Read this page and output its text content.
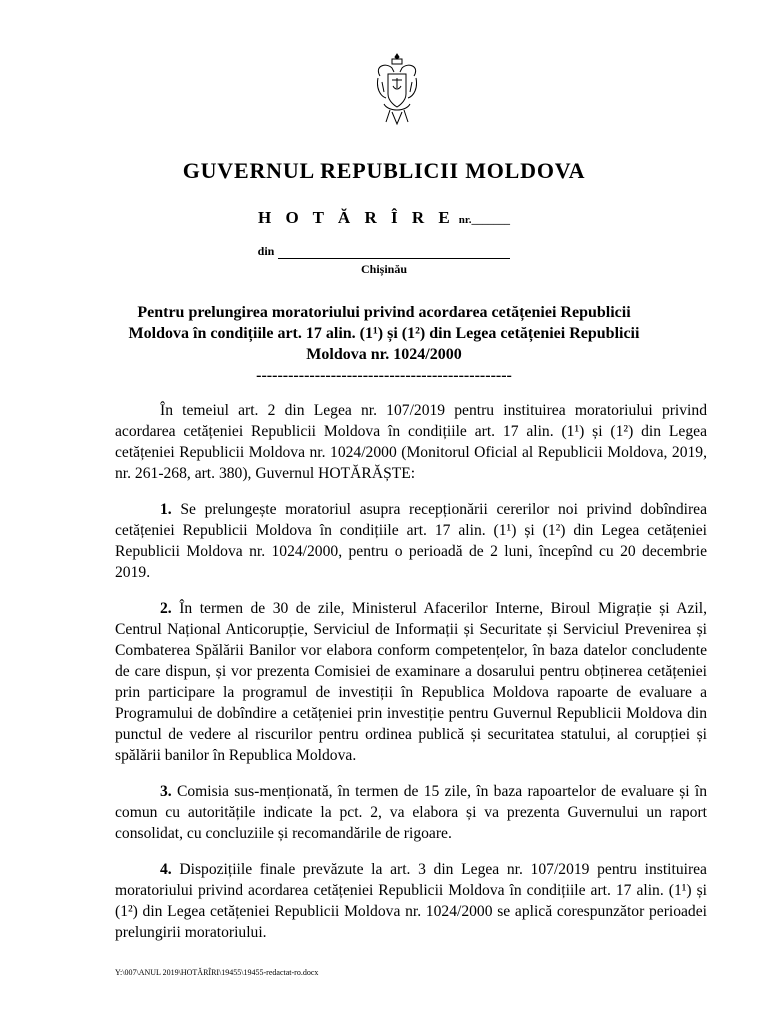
GUVERNUL REPUBLICII MOLDOVA
H O T Ă R Î R E nr._______
din
Chișinău
Pentru prelungirea moratoriului privind acordarea cetățeniei Republicii Moldova în condițiile art. 17 alin. (1¹) și (1²) din Legea cetățeniei Republicii Moldova nr. 1024/2000
------------------------------------------------

În temeiul art. 2 din Legea nr. 107/2019 pentru instituirea moratoriului privind acordarea cetățeniei Republicii Moldova în condițiile art. 17 alin. (1¹) și (1²) din Legea cetățeniei Republicii Moldova nr. 1024/2000 (Monitorul Oficial al Republicii Moldova, 2019, nr. 261-268, art. 380), Guvernul HOTĂRĂȘTE:

1. Se prelungește moratoriul asupra recepționării cererilor noi privind dobîndirea cetățeniei Republicii Moldova în condițiile art. 17 alin. (1¹) și (1²) din Legea cetățeniei Republicii Moldova nr. 1024/2000, pentru o perioadă de 2 luni, începînd cu 20 decembrie 2019.

2. În termen de 30 de zile, Ministerul Afacerilor Interne, Biroul Migrație și Azil, Centrul Național Anticorupție, Serviciul de Informații și Securitate și Serviciul Prevenirea și Combaterea Spălării Banilor vor elabora conform competențelor, în baza datelor concludente de care dispun, și vor prezenta Comisiei de examinare a dosarului pentru obținerea cetățeniei prin participare la programul de investiții în Republica Moldova rapoarte de evaluare a Programului de dobîndire a cetățeniei prin investiție pentru Guvernul Republicii Moldova din punctul de vedere al riscurilor pentru ordinea publică și securitatea statului, al corupției și spălării banilor în Republica Moldova.

3. Comisia sus-menționată, în termen de 15 zile, în baza rapoartelor de evaluare și în comun cu autoritățile indicate la pct. 2, va elabora și va prezenta Guvernului un raport consolidat, cu concluziile și recomandările de rigoare.

4. Dispozițiile finale prevăzute la art. 3 din Legea nr. 107/2019 pentru instituirea moratoriului privind acordarea cetățeniei Republicii Moldova în condițiile art. 17 alin. (1¹) și (1²) din Legea cetățeniei Republicii Moldova nr. 1024/2000 se aplică corespunzător perioadei prelungirii moratoriului.

Y:\007\ANUL 2019\HOTĂRÎRI\19455\19455-redactat-ro.docx
